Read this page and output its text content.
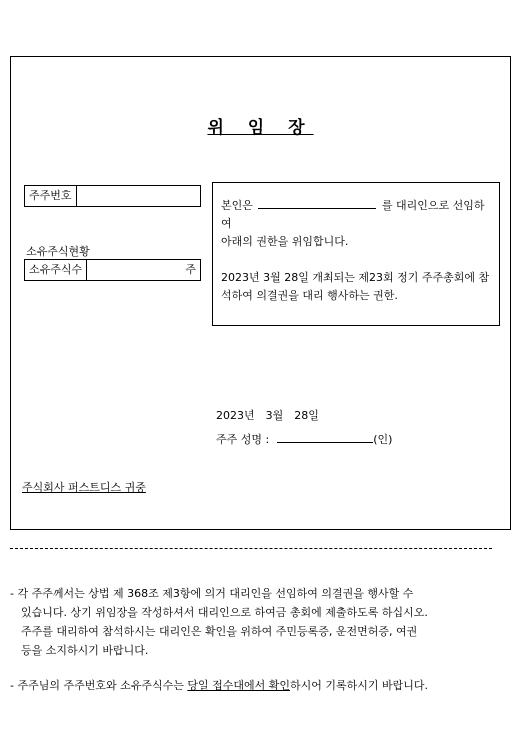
위 임 장
주주번호
소유주식현황
소유주식수	주
본인은	를 대리인으로 선임하여
아래의 권한을 위임합니다.
2023년 3월 28일 개최되는 제23회 정기 주주총회에 참석하여 의결권을 대리 행사하는 권한.
2023년 3월 28일
주주 성명 :	(인)
주식회사 퍼스트디스 귀중
- 각 주주께서는 상법 제 368조 제3항에 의거 대리인을 선임하여 의결권을 행사할 수
있습니다. 상기 위임장을 작성하셔서 대리인으로 하여금 총회에 제출하도록 하십시오.
주주를 대리하여 참석하시는 대리인은 확인을 위하여 주민등록증, 운전면허증, 여권
등을 소지하시기 바랍니다.
- 주주님의 주주번호와 소유주식수는 당일 접수대에서 확인하시어 기록하시기 바랍니다.
